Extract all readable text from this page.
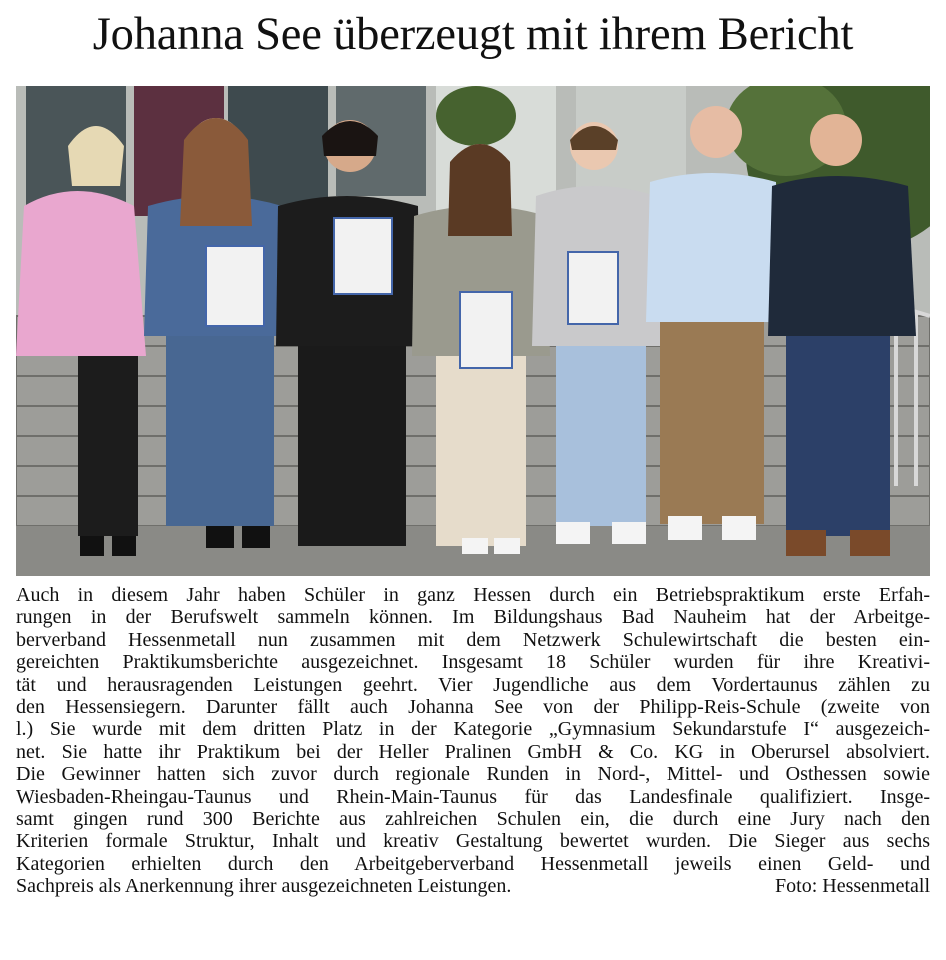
Johanna See überzeugt mit ihrem Bericht
Auch in diesem Jahr haben Schüler in ganz Hessen durch ein Betriebspraktikum erste Erfah-
rungen in der Berufswelt sammeln können. Im Bildungshaus Bad Nauheim hat der Arbeitge-
berverband Hessenmetall nun zusammen mit dem Netzwerk Schulewirtschaft die besten ein-
gereichten Praktikumsberichte ausgezeichnet. Insgesamt 18 Schüler wurden für ihre Kreativi-
tät und herausragenden Leistungen geehrt. Vier Jugendliche aus dem Vordertaunus zählen zu
den Hessensiegern. Darunter fällt auch Johanna See von der Philipp-Reis-Schule (zweite von
l.) Sie wurde mit dem dritten Platz in der Kategorie „Gymnasium Sekundarstufe I“ ausgezeich-
net. Sie hatte ihr Praktikum bei der Heller Pralinen GmbH & Co. KG in Oberursel absolviert.
Die Gewinner hatten sich zuvor durch regionale Runden in Nord-, Mittel- und Osthessen sowie
Wiesbaden-Rheingau-Taunus und Rhein-Main-Taunus für das Landesfinale qualifiziert. Insge-
samt gingen rund 300 Berichte aus zahlreichen Schulen ein, die durch eine Jury nach den
Kriterien formale Struktur, Inhalt und kreativ Gestaltung bewertet wurden. Die Sieger aus sechs
Kategorien erhielten durch den Arbeitgeberverband Hessenmetall jeweils einen Geld- und
Sachpreis als Anerkennung ihrer ausgezeichneten Leistungen.	Foto: Hessenmetall
